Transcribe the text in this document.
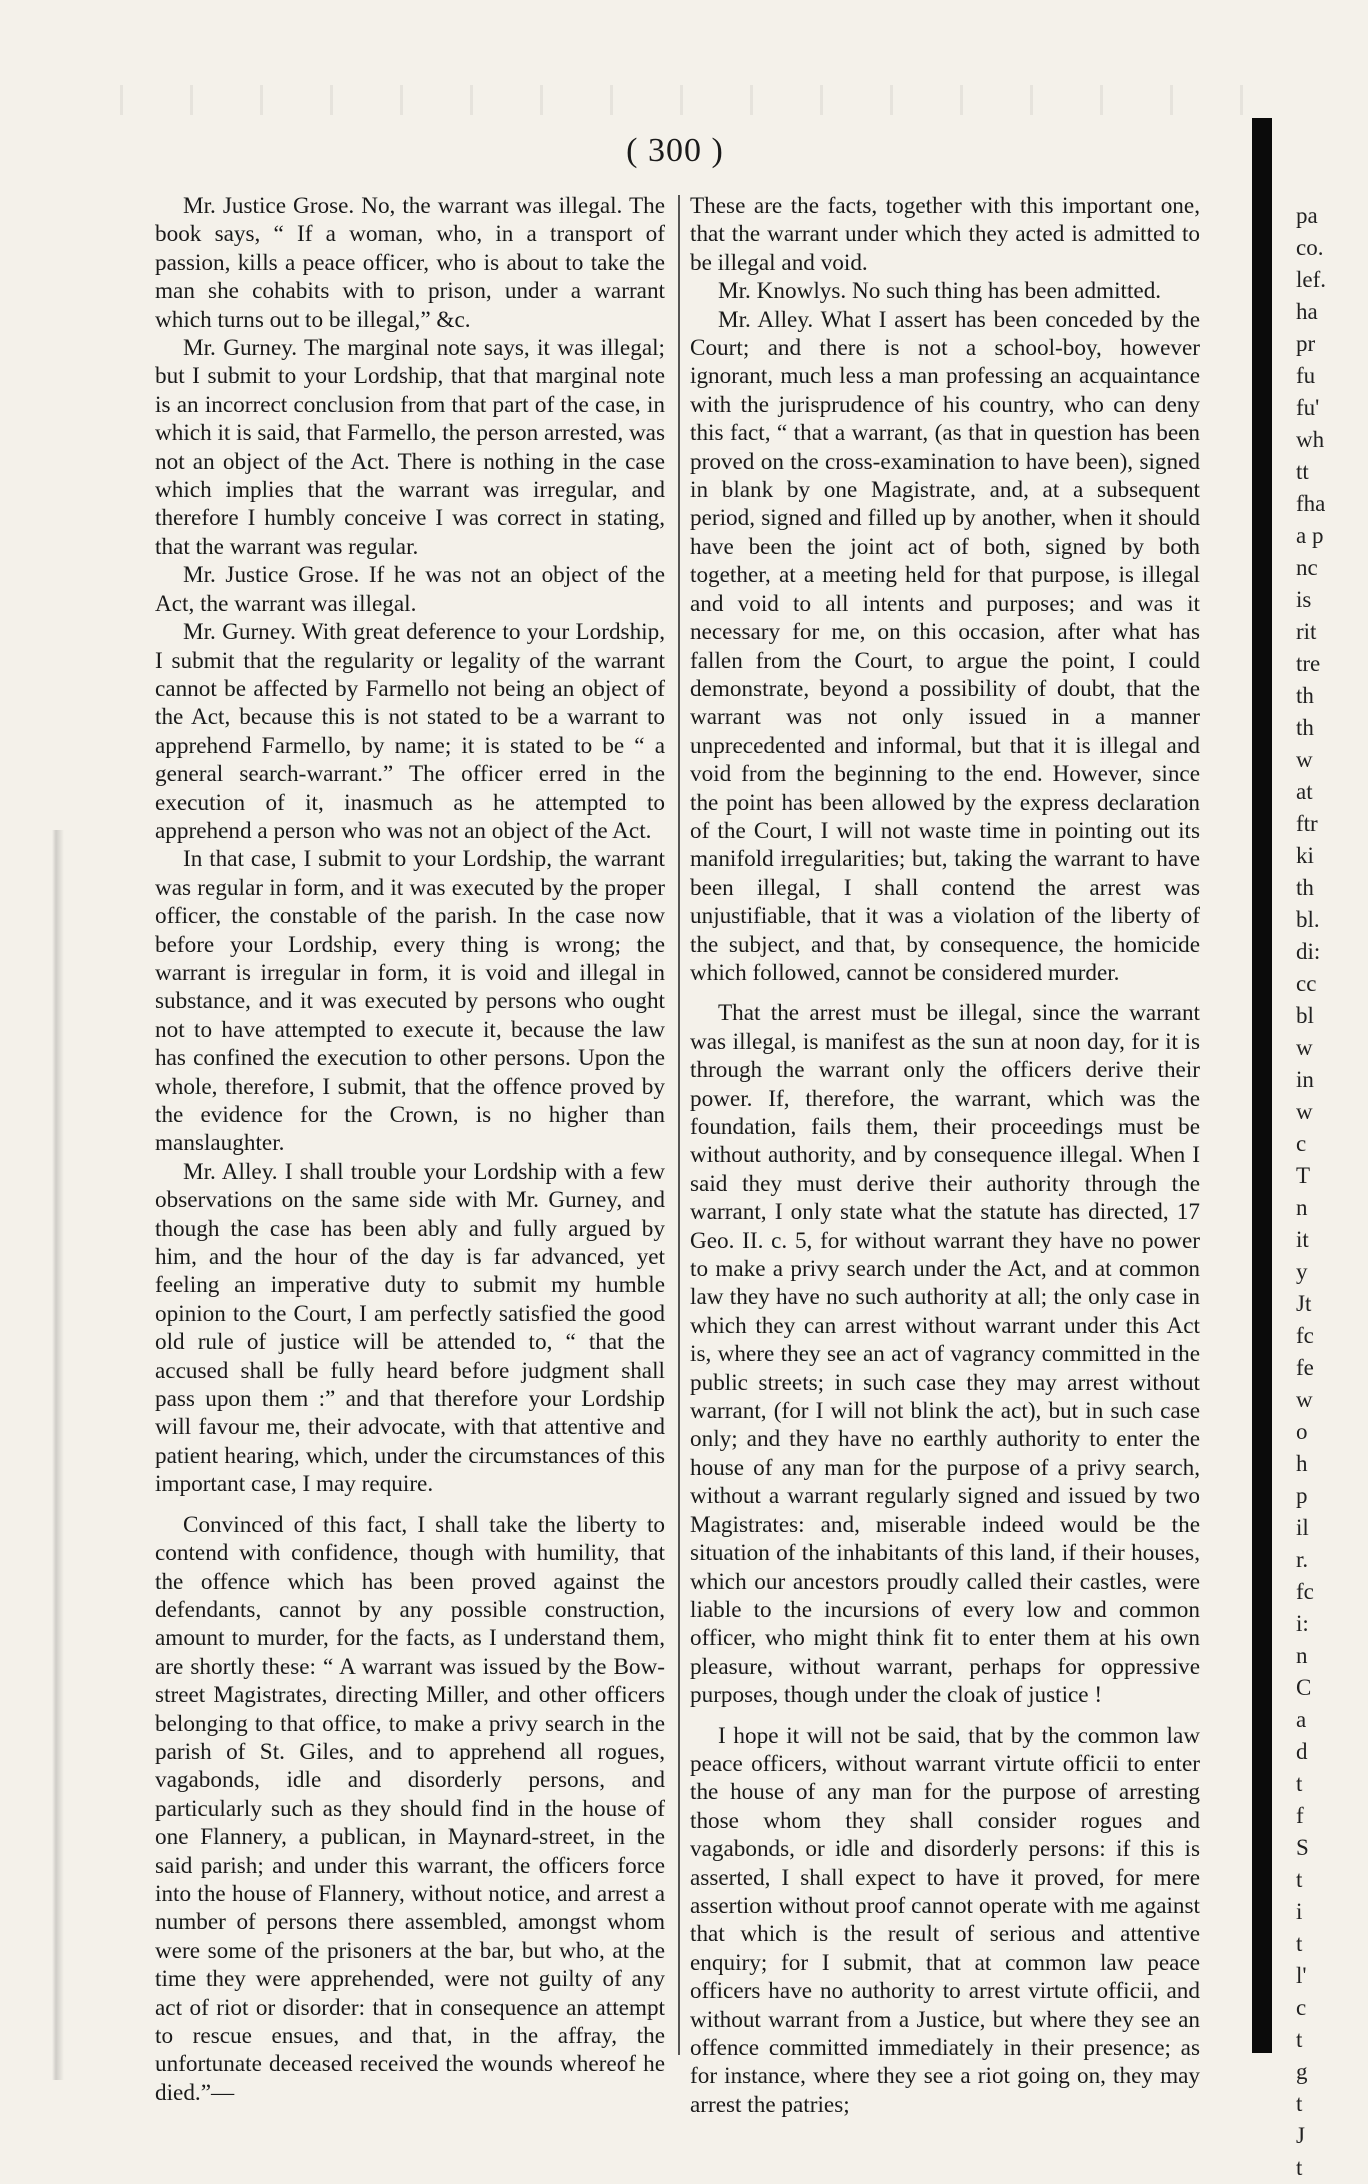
( 300 )

Mr. Justice Grose. No, the warrant was illegal. The book says, “ If a woman, who, in a transport of passion, kills a peace officer, who is about to take the man she cohabits with to prison, under a warrant which turns out to be illegal,” &c.

Mr. Gurney. The marginal note says, it was illegal; but I submit to your Lordship, that that marginal note is an incorrect conclusion from that part of the case, in which it is said, that Farmello, the person arrested, was not an object of the Act. There is nothing in the case which implies that the warrant was irregular, and therefore I humbly conceive I was correct in stating, that the warrant was regular.

Mr. Justice Grose. If he was not an object of the Act, the warrant was illegal.

Mr. Gurney. With great deference to your Lordship, I submit that the regularity or legality of the warrant cannot be affected by Farmello not being an object of the Act, because this is not stated to be a warrant to apprehend Farmello, by name; it is stated to be “ a general search-warrant.” The officer erred in the execution of it, inasmuch as he attempted to apprehend a person who was not an object of the Act.

In that case, I submit to your Lordship, the warrant was regular in form, and it was executed by the proper officer, the constable of the parish. In the case now before your Lordship, every thing is wrong; the warrant is irregular in form, it is void and illegal in substance, and it was executed by persons who ought not to have attempted to execute it, because the law has confined the execution to other persons. Upon the whole, therefore, I submit, that the offence proved by the evidence for the Crown, is no higher than manslaughter.

Mr. Alley. I shall trouble your Lordship with a few observations on the same side with Mr. Gurney, and though the case has been ably and fully argued by him, and the hour of the day is far advanced, yet feeling an imperative duty to submit my humble opinion to the Court, I am perfectly satisfied the good old rule of justice will be attended to, “ that the accused shall be fully heard before judgment shall pass upon them :” and that therefore your Lordship will favour me, their advocate, with that attentive and patient hearing, which, under the circumstances of this important case, I may require.

Convinced of this fact, I shall take the liberty to contend with confidence, though with humility, that the offence which has been proved against the defendants, cannot by any possible construction, amount to murder, for the facts, as I understand them, are shortly these: “ A warrant was issued by the Bow-street Magistrates, directing Miller, and other officers belonging to that office, to make a privy search in the parish of St. Giles, and to apprehend all rogues, vagabonds, idle and disorderly persons, and particularly such as they should find in the house of one Flannery, a publican, in Maynard-street, in the said parish; and under this warrant, the officers force into the house of Flannery, without notice, and arrest a number of persons there assembled, amongst whom were some of the prisoners at the bar, but who, at the time they were apprehended, were not guilty of any act of riot or disorder: that in consequence an attempt to rescue ensues, and that, in the affray, the unfortunate deceased received the wounds whereof he died.”—

These are the facts, together with this important one, that the warrant under which they acted is admitted to be illegal and void.

Mr. Knowlys. No such thing has been admitted.

Mr. Alley. What I assert has been conceded by the Court; and there is not a school-boy, however ignorant, much less a man professing an acquaintance with the jurisprudence of his country, who can deny this fact, “ that a warrant, (as that in question has been proved on the cross-examination to have been), signed in blank by one Magistrate, and, at a subsequent period, signed and filled up by another, when it should have been the joint act of both, signed by both together, at a meeting held for that purpose, is illegal and void to all intents and purposes; and was it necessary for me, on this occasion, after what has fallen from the Court, to argue the point, I could demonstrate, beyond a possibility of doubt, that the warrant was not only issued in a manner unprecedented and informal, but that it is illegal and void from the beginning to the end. However, since the point has been allowed by the express declaration of the Court, I will not waste time in pointing out its manifold irregularities; but, taking the warrant to have been illegal, I shall contend the arrest was unjustifiable, that it was a violation of the liberty of the subject, and that, by consequence, the homicide which followed, cannot be considered murder.

That the arrest must be illegal, since the warrant was illegal, is manifest as the sun at noon day, for it is through the warrant only the officers derive their power. If, therefore, the warrant, which was the foundation, fails them, their proceedings must be without authority, and by consequence illegal. When I said they must derive their authority through the warrant, I only state what the statute has directed, 17 Geo. II. c. 5, for without warrant they have no power to make a privy search under the Act, and at common law they have no such authority at all; the only case in which they can arrest without warrant under this Act is, where they see an act of vagrancy committed in the public streets; in such case they may arrest without warrant, (for I will not blink the act), but in such case only; and they have no earthly authority to enter the house of any man for the purpose of a privy search, without a warrant regularly signed and issued by two Magistrates: and, miserable indeed would be the situation of the inhabitants of this land, if their houses, which our ancestors proudly called their castles, were liable to the incursions of every low and common officer, who might think fit to enter them at his own pleasure, without warrant, perhaps for oppressive purposes, though under the cloak of justice !

I hope it will not be said, that by the common law peace officers, without warrant virtute officii to enter the house of any man for the purpose of arresting those whom they shall consider rogues and vagabonds, or idle and disorderly persons: if this is asserted, I shall expect to have it proved, for mere assertion without proof cannot operate with me against that which is the result of serious and attentive enquiry; for I submit, that at common law peace officers have no authority to arrest virtute officii, and without warrant from a Justice, but where they see an offence committed immediately in their presence; as for instance, where they see a riot going on, they may arrest the patries;

pa
co.
lef.
ha
pr
fu
fu'
wh
tt
fha
a p
nc
is
rit
tre
th
th
w
at
ftr
ki
th
bl.
di:
cc
bl
w
in
w
c
T
n
it
y
Jt
fc
fe
w
o
h
p
il
r.
fc
i:
n
C
a
d
t
f
S
t
i
t
l'
c
t
g
t
J
t
